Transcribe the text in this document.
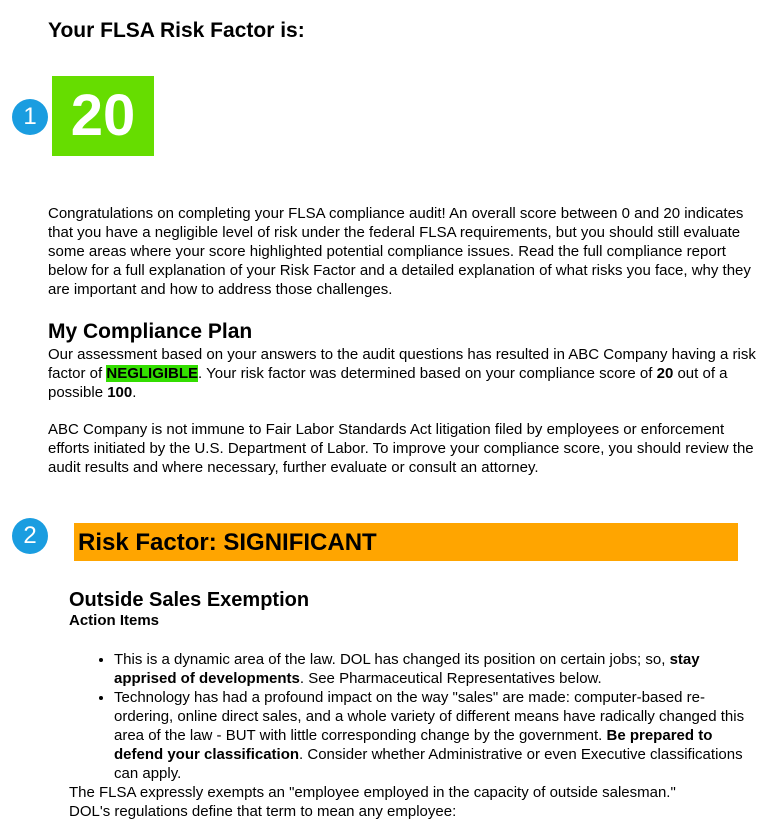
Your FLSA Risk Factor is:
1 20

Congratulations on completing your FLSA compliance audit! An overall score between 0 and 20 indicates that you have a negligible level of risk under the federal FLSA requirements, but you should still evaluate some areas where your score highlighted potential compliance issues. Read the full compliance report below for a full explanation of your Risk Factor and a detailed explanation of what risks you face, why they are important and how to address those challenges.

My Compliance Plan

Our assessment based on your answers to the audit questions has resulted in ABC Company having a risk factor of NEGLIGIBLE. Your risk factor was determined based on your compliance score of 20 out of a possible 100.

ABC Company is not immune to Fair Labor Standards Act litigation filed by employees or enforcement efforts initiated by the U.S. Department of Labor. To improve your compliance score, you should review the audit results and where necessary, further evaluate or consult an attorney.

2	Risk Factor: SIGNIFICANT
Outside Sales Exemption
Action Items
• This is a dynamic area of the law. DOL has changed its position on certain jobs; so, stay apprised of developments. See Pharmaceutical Representatives below.
• Technology has had a profound impact on the way "sales" are made: computer-based re-ordering, online direct sales, and a whole variety of different means have radically changed this area of the law - BUT with little corresponding change by the government. Be prepared to defend your classification. Consider whether Administrative or even Executive classifications can apply.

The FLSA expressly exempts an "employee employed in the capacity of outside salesman."

DOL's regulations define that term to mean any employee:
